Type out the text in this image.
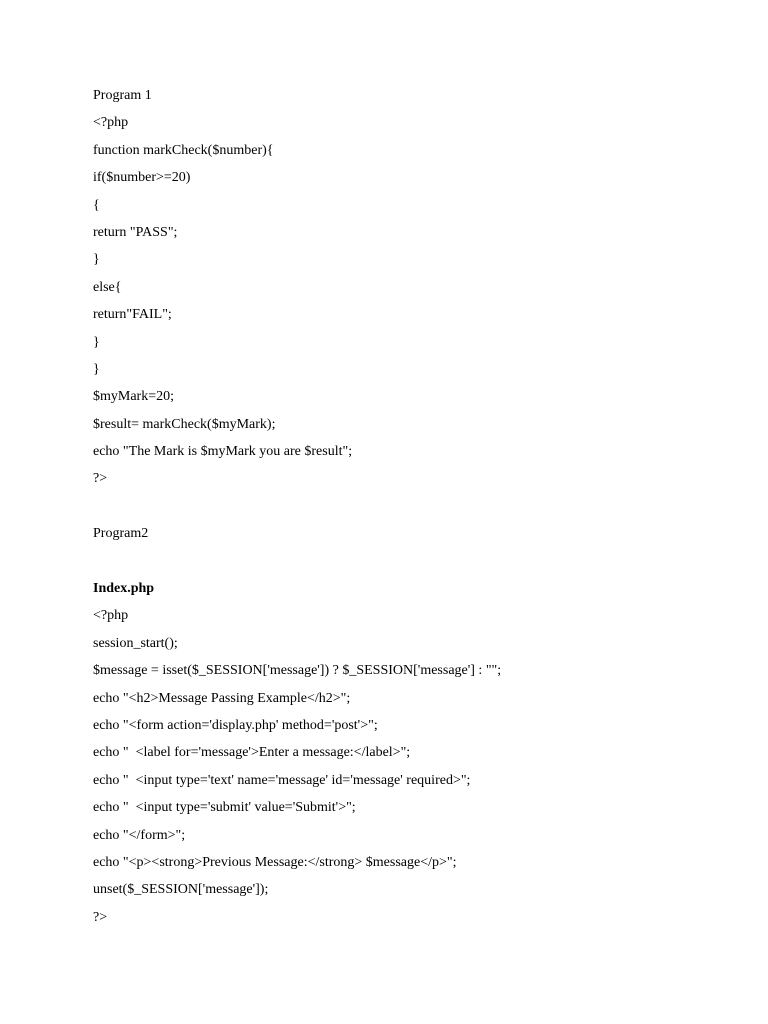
Program 1
<?php
function markCheck($number){
if($number>=20)
{
return "PASS";
}
else{
return"FAIL";
}
}
$myMark=20;
$result= markCheck($myMark);
echo "The Mark is $myMark you are $result";
?>
Program2
Index.php
<?php
session_start();
$message = isset($_SESSION['message']) ? $_SESSION['message'] : "";
echo "<h2>Message Passing Example</h2>";
echo "<form action='display.php' method='post'>";
echo "  <label for='message'>Enter a message:</label>";
echo "  <input type='text' name='message' id='message' required>";
echo "  <input type='submit' value='Submit'>";
echo "</form>";
echo "<p><strong>Previous Message:</strong> $message</p>";
unset($_SESSION['message']);
?>
